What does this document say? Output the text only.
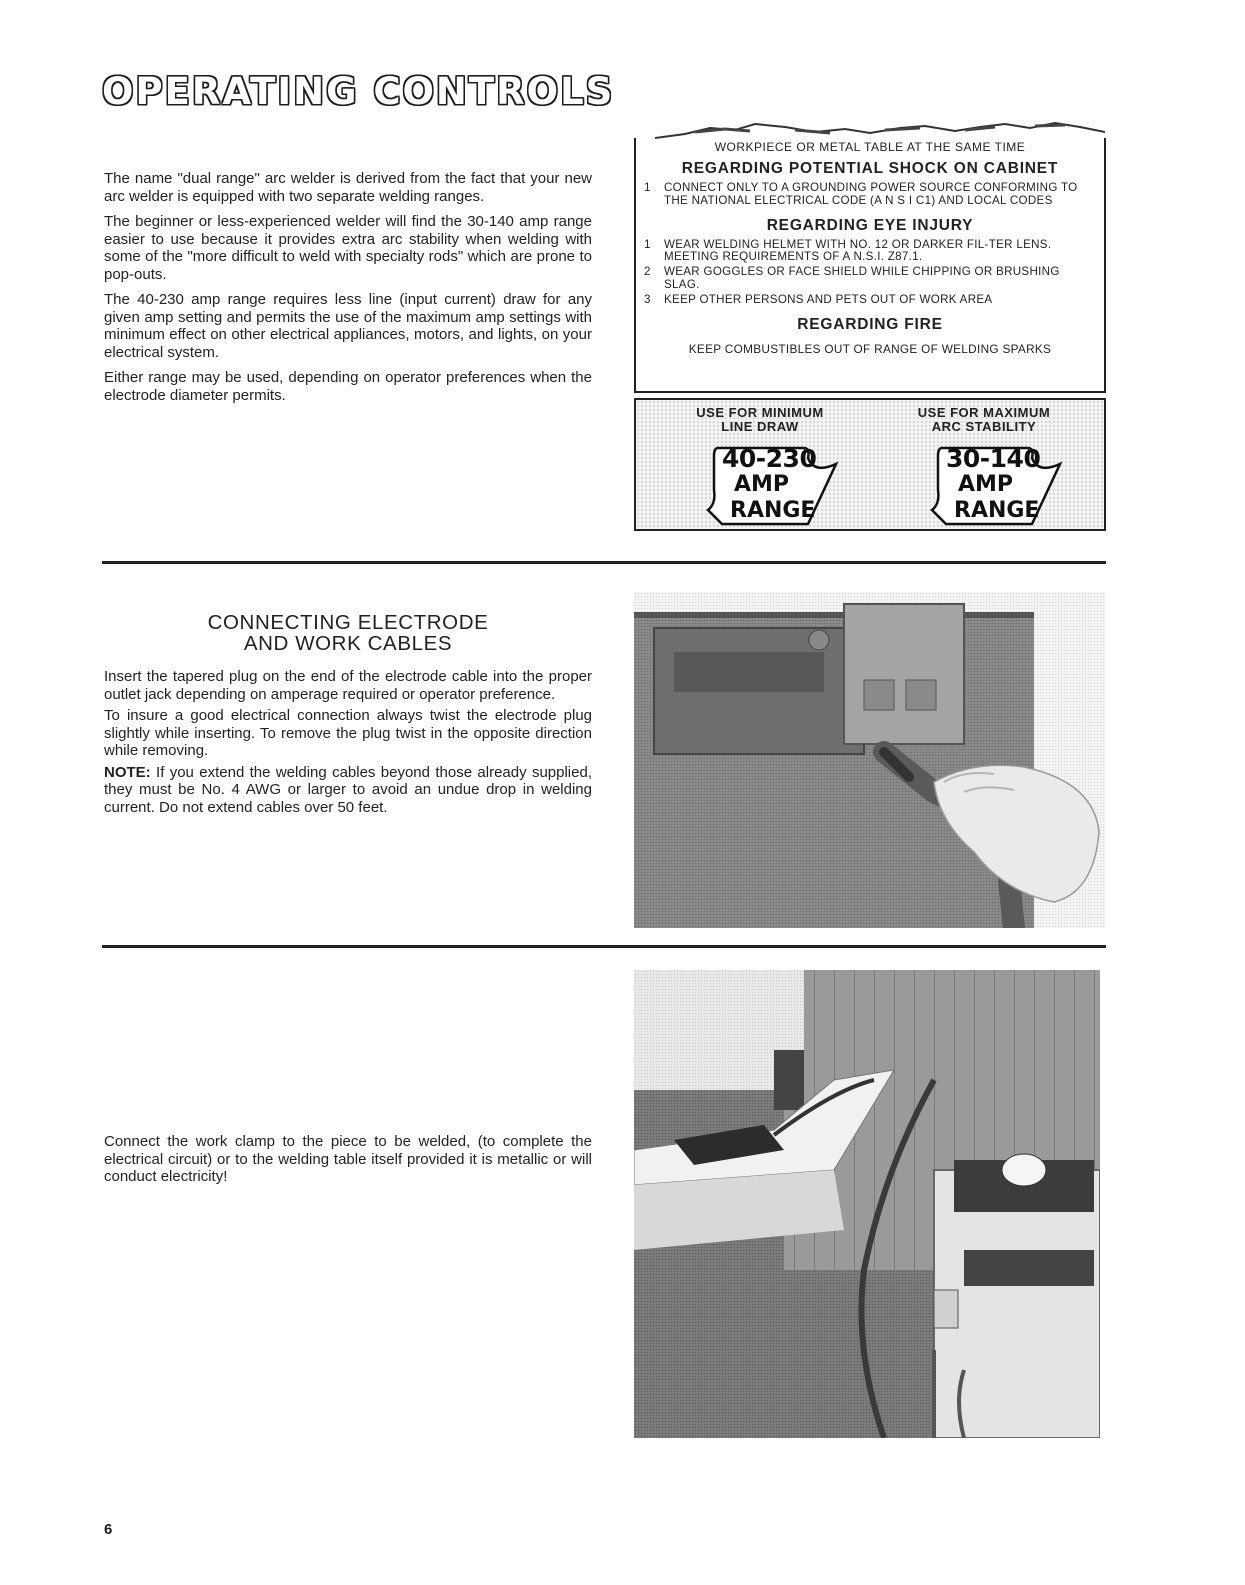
OPERATING CONTROLS

The name "dual range" arc welder is derived from the fact that your new arc welder is equipped with two separate welding ranges.

The beginner or less-experienced welder will find the 30-140 amp range easier to use because it provides extra arc stability when welding with some of the "more difficult to weld with specialty rods" which are prone to pop-outs.

The 40-230 amp range requires less line (input current) draw for any given amp setting and permits the use of the maximum amp settings with minimum effect on other electrical appliances, motors, and lights, on your electrical system.

Either range may be used, depending on operator preferences when the electrode diameter permits.

WORKPIECE OR METAL TABLE AT THE SAME TIME
REGARDING POTENTIAL SHOCK ON CABINET
1	CONNECT ONLY TO A GROUNDING POWER SOURCE CONFORMING TO THE NATIONAL ELECTRICAL CODE (A N S I C1) AND LOCAL CODES
REGARDING EYE INJURY
1	WEAR WELDING HELMET WITH NO. 12 OR DARKER FIL-TER LENS. MEETING REQUIREMENTS OF A N.S.I. Z87.1.
2	WEAR GOGGLES OR FACE SHIELD WHILE CHIPPING OR BRUSHING SLAG.
3	KEEP OTHER PERSONS AND PETS OUT OF WORK AREA
REGARDING FIRE
KEEP COMBUSTIBLES OUT OF RANGE OF WELDING SPARKS
USE FOR MINIMUM
LINE DRAW
USE FOR MAXIMUM
ARC STABILITY
40-230
AMP
RANGE
30-140
AMP
RANGE
CONNECTING ELECTRODE
AND WORK CABLES

Insert the tapered plug on the end of the electrode cable into the proper outlet jack depending on amperage required or operator preference.

To insure a good electrical connection always twist the electrode plug slightly while inserting. To remove the plug twist in the opposite direction while removing.

NOTE: If you extend the welding cables beyond those already supplied, they must be No. 4 AWG or larger to avoid an undue drop in welding current. Do not extend cables over 50 feet.

Connect the work clamp to the piece to be welded, (to complete the electrical circuit) or to the welding table itself provided it is metallic or will conduct electricity!

6
